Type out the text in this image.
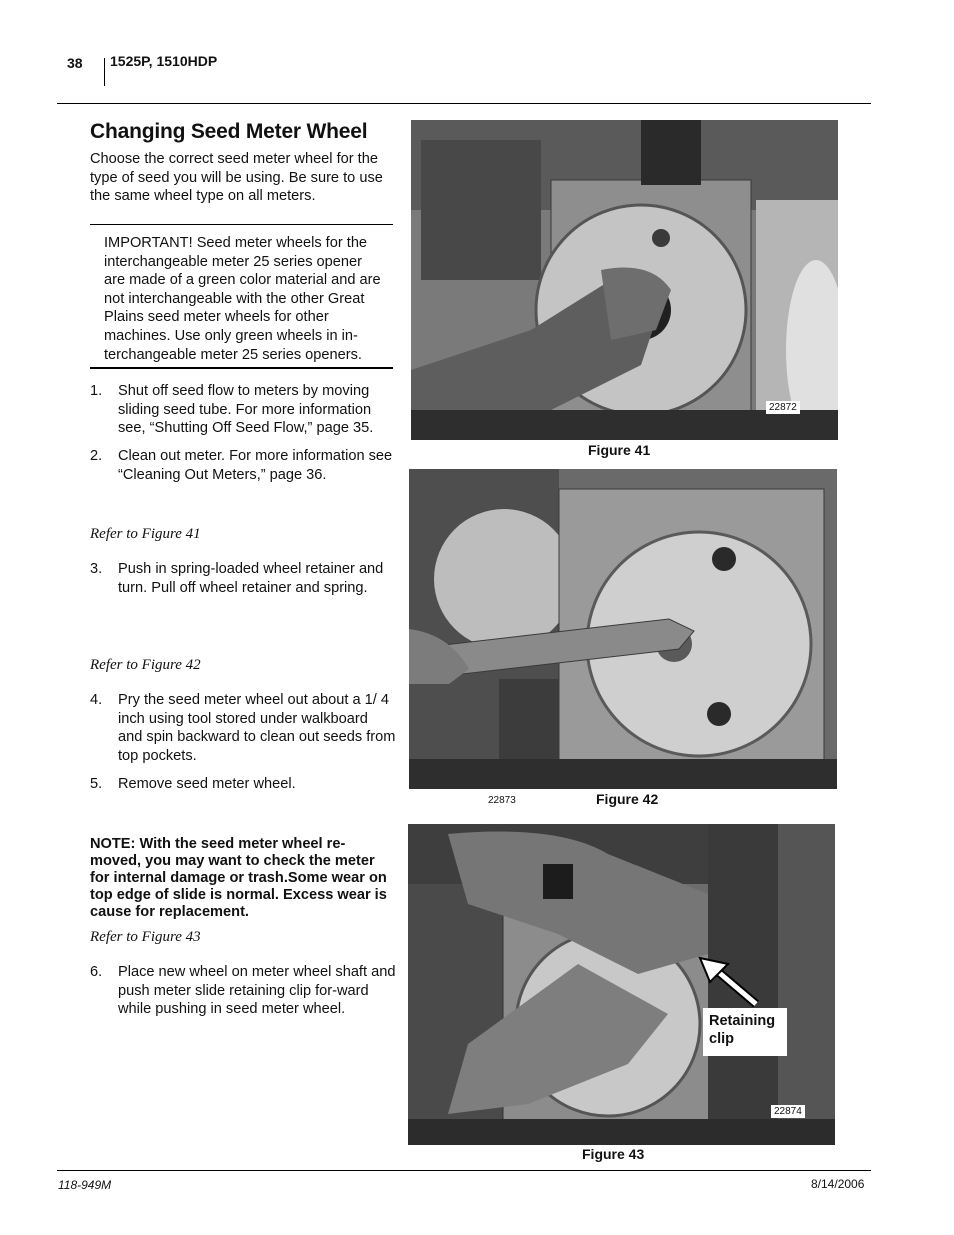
38 1525P, 1510HDP
Changing Seed Meter Wheel
Choose the correct seed meter wheel for the type of seed you will be using. Be sure to use the same wheel type on all meters.
IMPORTANT! Seed meter wheels for the interchangeable meter 25 series opener are made of a green color material and are not interchangeable with the other Great Plains seed meter wheels for other machines. Use only green wheels in in-terchangeable meter 25 series openers.
1. Shut off seed flow to meters by moving sliding seed tube. For more information see, “Shutting Off Seed Flow,” page 35.
2. Clean out meter. For more information see “Cleaning Out Meters,” page 36.
Refer to Figure 41
3. Push in spring-loaded wheel retainer and turn. Pull off wheel retainer and spring.
Refer to Figure 42
4. Pry the seed meter wheel out about a 1/ 4 inch using tool stored under walkboard and spin backward to clean out seeds from top pockets.
5. Remove seed meter wheel.
NOTE: With the seed meter wheel re-moved, you may want to check the meter for internal damage or trash.Some wear on top edge of slide is normal. Excess wear is cause for replacement.
Refer to Figure 43
6. Place new wheel on meter wheel shaft and push meter slide retaining clip for-ward while pushing in seed meter wheel.
22872
Figure 41
22873	Figure 42
Retaining clip
22874
Figure 43
118-949M	8/14/2006
